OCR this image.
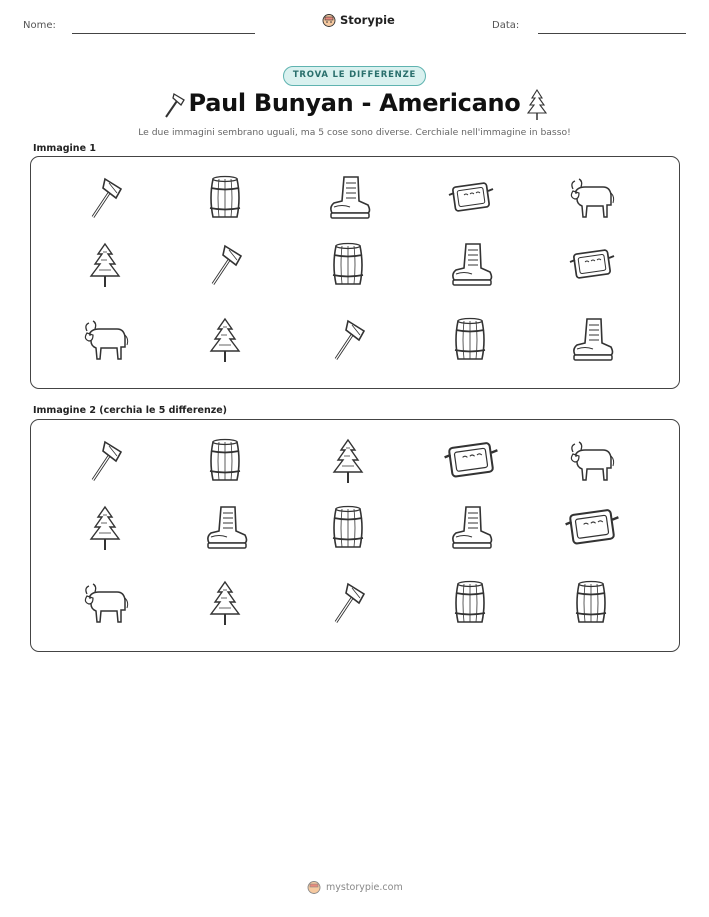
Nome:	Storypie	Data:
TROVA LE DIFFERENZE
Paul Bunyan - Americano
Le due immagini sembrano uguali, ma 5 cose sono diverse. Cerchiale nell'immagine in basso!
Immagine 1
Immagine 2 (cerchia le 5 differenze)
mystorypie.com
